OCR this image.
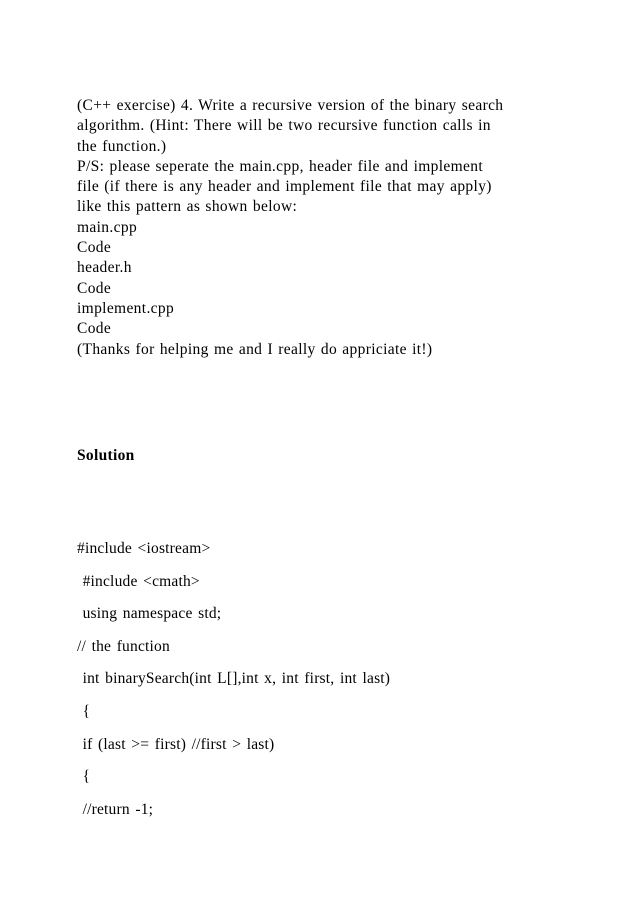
(C++ exercise) 4. Write a recursive version of the binary search
algorithm. (Hint: There will be two recursive function calls in
the function.)
P/S: please seperate the main.cpp, header file and implement
file (if there is any header and implement file that may apply)
like this pattern as shown below:
main.cpp
Code
header.h
Code
implement.cpp
Code
(Thanks for helping me and I really do appriciate it!)
Solution
#include <iostream>
#include <cmath>
using namespace std;
// the function
int binarySearch(int L[],int x, int first, int last)
{
if (last >= first) //first > last)
{
//return -1;
